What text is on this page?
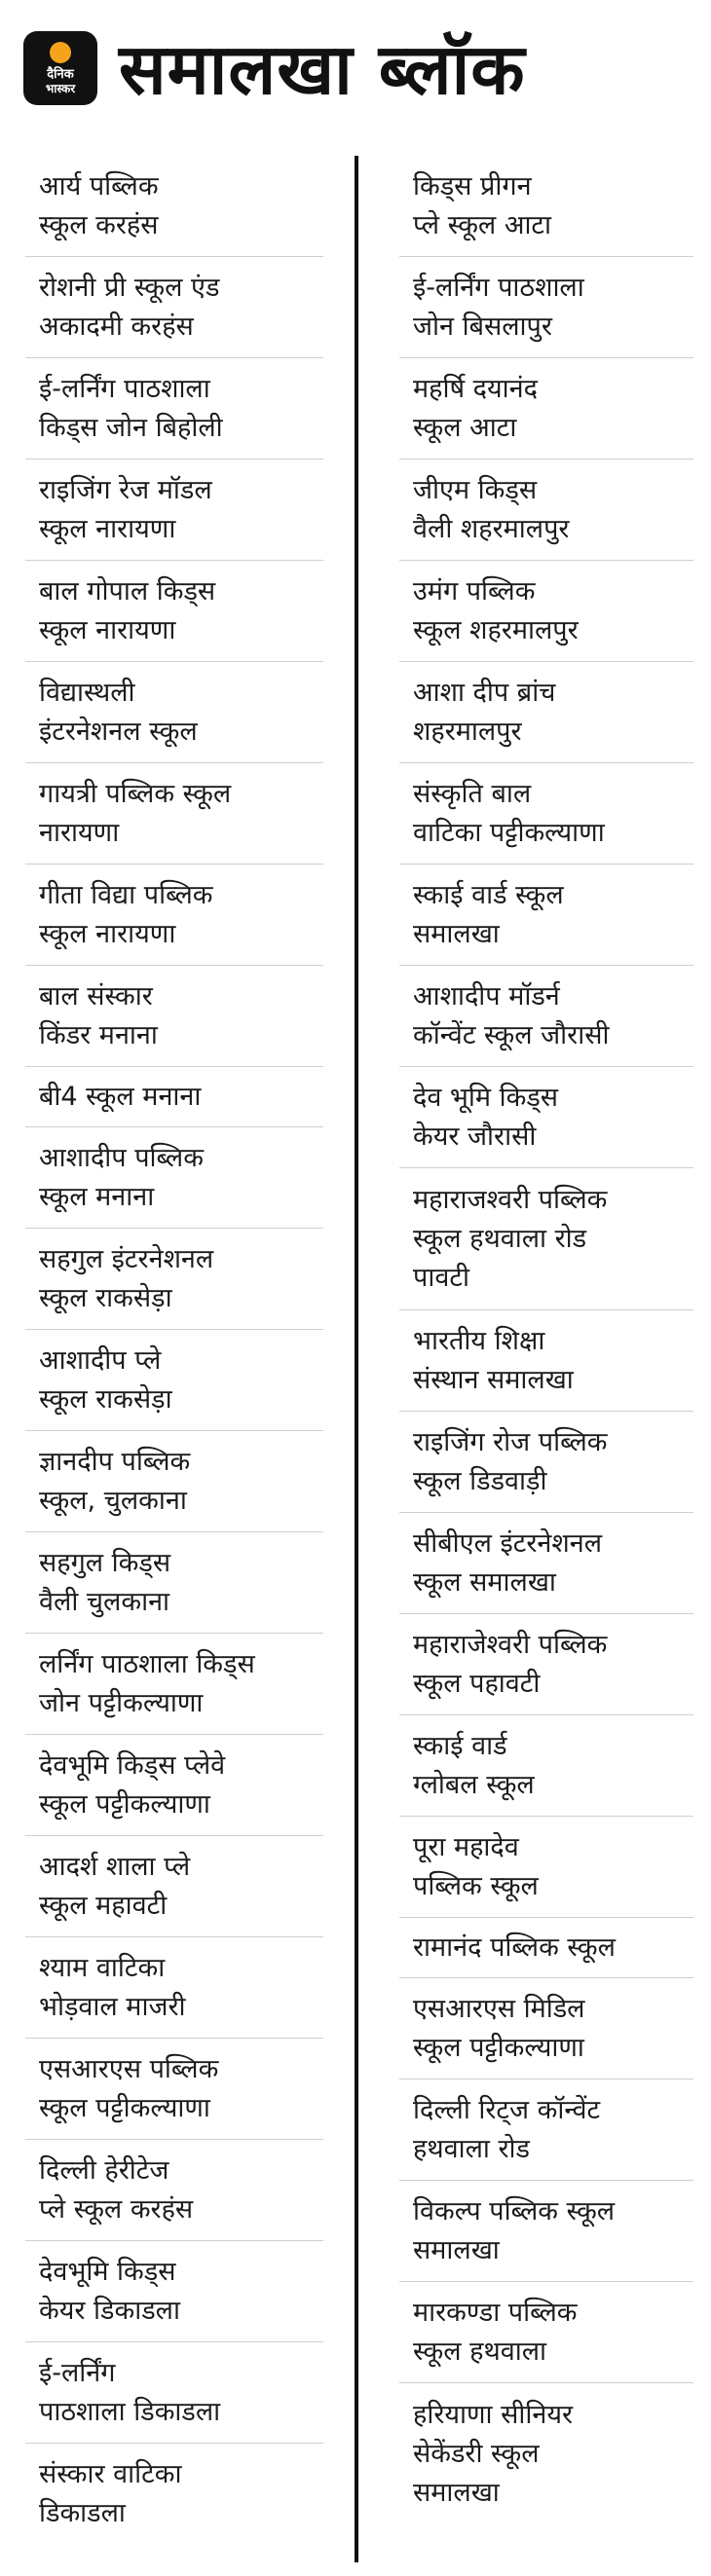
दैनिक
भास्कर समालखा ब्लॉक
आर्य पब्लिक
स्कूल करहंस
रोशनी प्री स्कूल एंड
अकादमी करहंस
ई-लर्निंग पाठशाला
किड्स जोन बिहोली
राइजिंग रेज मॉडल
स्कूल नारायणा
बाल गोपाल किड्स
स्कूल नारायणा
विद्यास्थली
इंटरनेशनल स्कूल
गायत्री पब्लिक स्कूल
नारायणा
गीता विद्या पब्लिक
स्कूल नारायणा
बाल संस्कार
किंडर मनाना
बी4 स्कूल मनाना
आशादीप पब्लिक
स्कूल मनाना
सहगुल इंटरनेशनल
स्कूल राकसेड़ा
आशादीप प्ले
स्कूल राकसेड़ा
ज्ञानदीप पब्लिक
स्कूल, चुलकाना
सहगुल किड्स
वैली चुलकाना
लर्निंग पाठशाला किड्स
जोन पट्टीकल्याणा
देवभूमि किड्स प्लेवे
स्कूल पट्टीकल्याणा
आदर्श शाला प्ले
स्कूल महावटी
श्याम वाटिका
भोड़वाल माजरी
एसआरएस पब्लिक
स्कूल पट्टीकल्याणा
दिल्ली हेरीटेज
प्ले स्कूल करहंस
देवभूमि किड्स
केयर डिकाडला
ई-लर्निंग
पाठशाला डिकाडला
संस्कार वाटिका
डिकाडला
किड्स प्रीगन
प्ले स्कूल आटा
ई-लर्निंग पाठशाला
जोन बिसलापुर
महर्षि दयानंद
स्कूल आटा
जीएम किड्स
वैली शहरमालपुर
उमंग पब्लिक
स्कूल शहरमालपुर
आशा दीप ब्रांच
शहरमालपुर
संस्कृति बाल
वाटिका पट्टीकल्याणा
स्काई वार्ड स्कूल
समालखा
आशादीप मॉडर्न
कॉन्वेंट स्कूल जौरासी
देव भूमि किड्स
केयर जौरासी
महाराजश्वरी पब्लिक
स्कूल हथवाला रोड
पावटी
भारतीय शिक्षा
संस्थान समालखा
राइजिंग रोज पब्लिक
स्कूल डिडवाड़ी
सीबीएल इंटरनेशनल
स्कूल समालखा
महाराजेश्वरी पब्लिक
स्कूल पहावटी
स्काई वार्ड
ग्लोबल स्कूल
पूरा महादेव
पब्लिक स्कूल
रामानंद पब्लिक स्कूल
एसआरएस मिडिल
स्कूल पट्टीकल्याणा
दिल्ली रिट्ज कॉन्वेंट
हथवाला रोड
विकल्प पब्लिक स्कूल
समालखा
मारकण्डा पब्लिक
स्कूल हथवाला
हरियाणा सीनियर
सेकेंडरी स्कूल
समालखा
